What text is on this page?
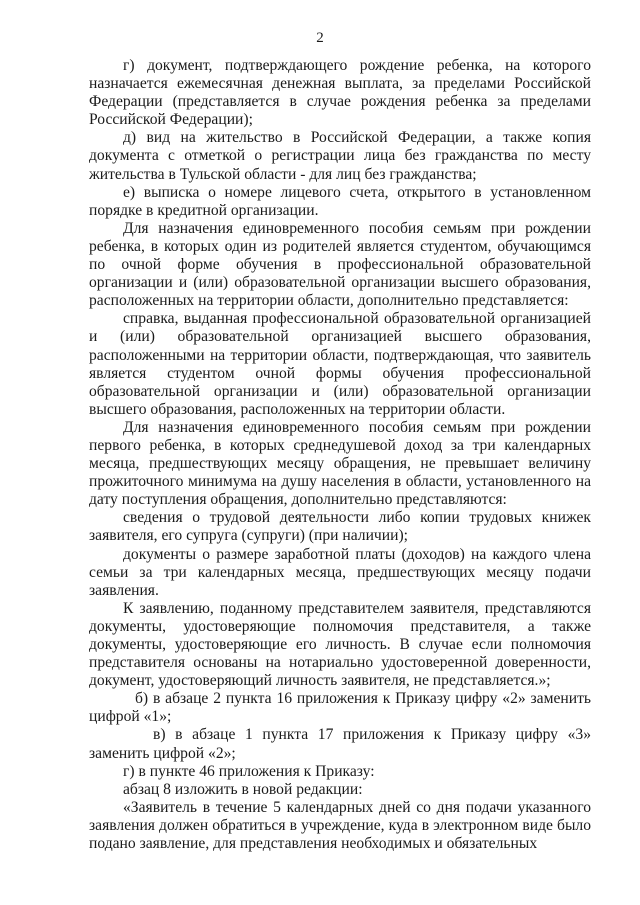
2

г) документ, подтверждающего рождение ребенка, на которого назначается ежемесячная денежная выплата, за пределами Российской Федерации (представляется в случае рождения ребенка за пределами Российской Федерации);

д) вид на жительство в Российской Федерации, а также копия документа с отметкой о регистрации лица без гражданства по месту жительства в Тульской области - для лиц без гражданства;

е) выписка о номере лицевого счета, открытого в установленном порядке в кредитной организации.

Для назначения единовременного пособия семьям при рождении ребенка, в которых один из родителей является студентом, обучающимся по очной форме обучения в профессиональной образовательной организации и (или) образовательной организации высшего образования, расположенных на территории области, дополнительно представляется:

справка, выданная профессиональной образовательной организацией и (или) образовательной организацией высшего образования, расположенными на территории области, подтверждающая, что заявитель является студентом очной формы обучения профессиональной образовательной организации и (или) образовательной организации высшего образования, расположенных на территории области.

Для назначения единовременного пособия семьям при рождении первого ребенка, в которых среднедушевой доход за три календарных месяца, предшествующих месяцу обращения, не превышает величину прожиточного минимума на душу населения в области, установленного на дату поступления обращения, дополнительно представляются:

сведения о трудовой деятельности либо копии трудовых книжек заявителя, его супруга (супруги) (при наличии);

документы о размере заработной платы (доходов) на каждого члена семьи за три календарных месяца, предшествующих месяцу подачи заявления.

К заявлению, поданному представителем заявителя, представляются документы, удостоверяющие полномочия представителя, а также документы, удостоверяющие его личность. В случае если полномочия представителя основаны на нотариально удостоверенной доверенности, документ, удостоверяющий личность заявителя, не представляется.»;

б) в абзаце 2 пункта 16 приложения к Приказу цифру «2» заменить цифрой «1»;

в) в абзаце 1 пункта 17 приложения к Приказу цифру «3» заменить цифрой «2»;

г) в пункте 46 приложения к Приказу:

абзац 8 изложить в новой редакции:

«Заявитель в течение 5 календарных дней со дня подачи указанного заявления должен обратиться в учреждение, куда в электронном виде было подано заявление, для представления необходимых и обязательных
